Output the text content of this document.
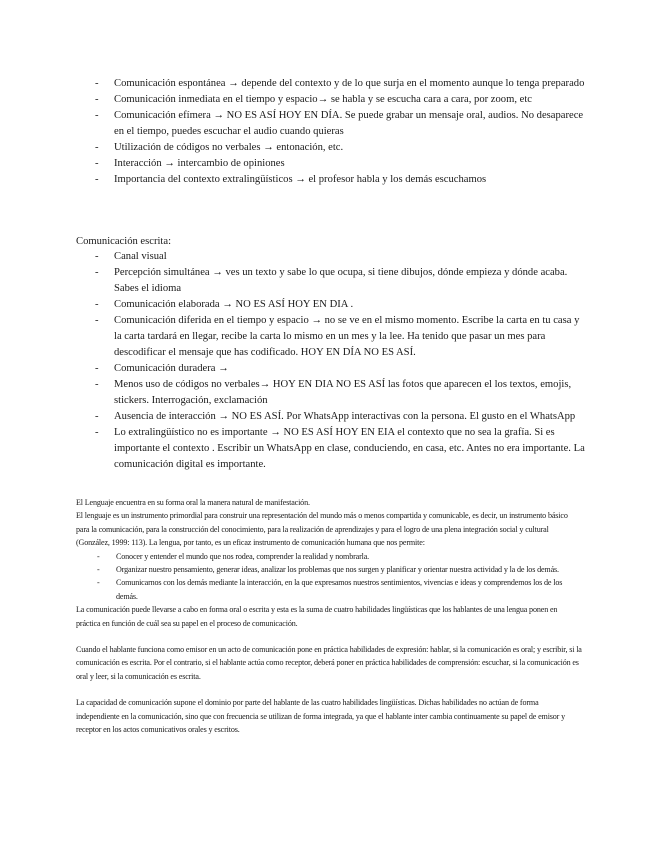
- Comunicación espontánea → depende del contexto y de lo que surja en el momento aunque lo tenga preparado
- Comunicación inmediata en el tiempo y espacio→ se habla y se escucha cara a cara, por zoom, etc
- Comunicación efímera → NO ES ASÍ HOY EN DÍA. Se puede grabar un mensaje oral, audios. No desaparece en el tiempo, puedes escuchar el audio cuando quieras
- Utilización de códigos no verbales → entonación, etc.
- Interacción → intercambio de opiniones
- Importancia del contexto extralingüísticos → el profesor habla y los demás escuchamos
Comunicación escrita:
- Canal visual
- Percepción simultánea → ves un texto y sabe lo que ocupa, si tiene dibujos, dónde empieza y dónde acaba. Sabes el idioma
- Comunicación elaborada → NO ES ASÍ HOY EN DIA .
- Comunicación diferida en el tiempo y espacio → no se ve en el mismo momento. Escribe la carta en tu casa y la carta tardará en llegar, recibe la carta lo mismo en un mes y la lee. Ha tenido que pasar un mes para descodificar el mensaje que has codificado. HOY EN DÍA NO ES ASÍ.
- Comunicación duradera →
- Menos uso de códigos no verbales→ HOY EN DIA NO ES ASÍ las fotos que aparecen el los textos, emojis, stickers. Interrogación, exclamación
- Ausencia de interacción → NO ES ASÍ. Por WhatsApp interactivas con la persona. El gusto en el WhatsApp
- Lo extralingüístico no es importante → NO ES ASÍ HOY EN EIA el contexto que no sea la grafía. Si es importante el contexto . Escribir un WhatsApp en clase, conduciendo, en casa, etc. Antes no era importante. La comunicación digital es importante.

El Lenguaje encuentra en su forma oral la manera natural de manifestación.

El lenguaje es un instrumento primordial para construir una representación del mundo más o menos compartida y comunicable, es decir, un instrumento básico para la comunicación, para la construcción del conocimiento, para la realización de aprendizajes y para el logro de una plena integración social y cultural (González, 1999: 113). La lengua, por tanto, es un eficaz instrumento de comunicación humana que nos permite:

- Conocer y entender el mundo que nos rodea, comprender la realidad y nombrarla.
- Organizar nuestro pensamiento, generar ideas, analizar los problemas que nos surgen y planificar y orientar nuestra actividad y la de los demás.
- Comunicarnos con los demás mediante la interacción, en la que expresamos nuestros sentimientos, vivencias e ideas y comprendemos los de los demás.

La comunicación puede llevarse a cabo en forma oral o escrita y esta es la suma de cuatro habilidades lingüísticas que los hablantes de una lengua ponen en práctica en función de cuál sea su papel en el proceso de comunicación.

Cuando el hablante funciona como emisor en un acto de comunicación pone en práctica habilidades de expresión: hablar, si la comunicación es oral; y escribir, si la comunicación es escrita. Por el contrario, si el hablante actúa como receptor, deberá poner en práctica habilidades de comprensión: escuchar, si la comunicación es oral y leer, si la comunicación es escrita.

La capacidad de comunicación supone el dominio por parte del hablante de las cuatro habilidades lingüísticas. Dichas habilidades no actúan de forma independiente en la comunicación, sino que con frecuencia se utilizan de forma integrada, ya que el hablante inter cambia continuamente su papel de emisor y receptor en los actos comunicativos orales y escritos.
